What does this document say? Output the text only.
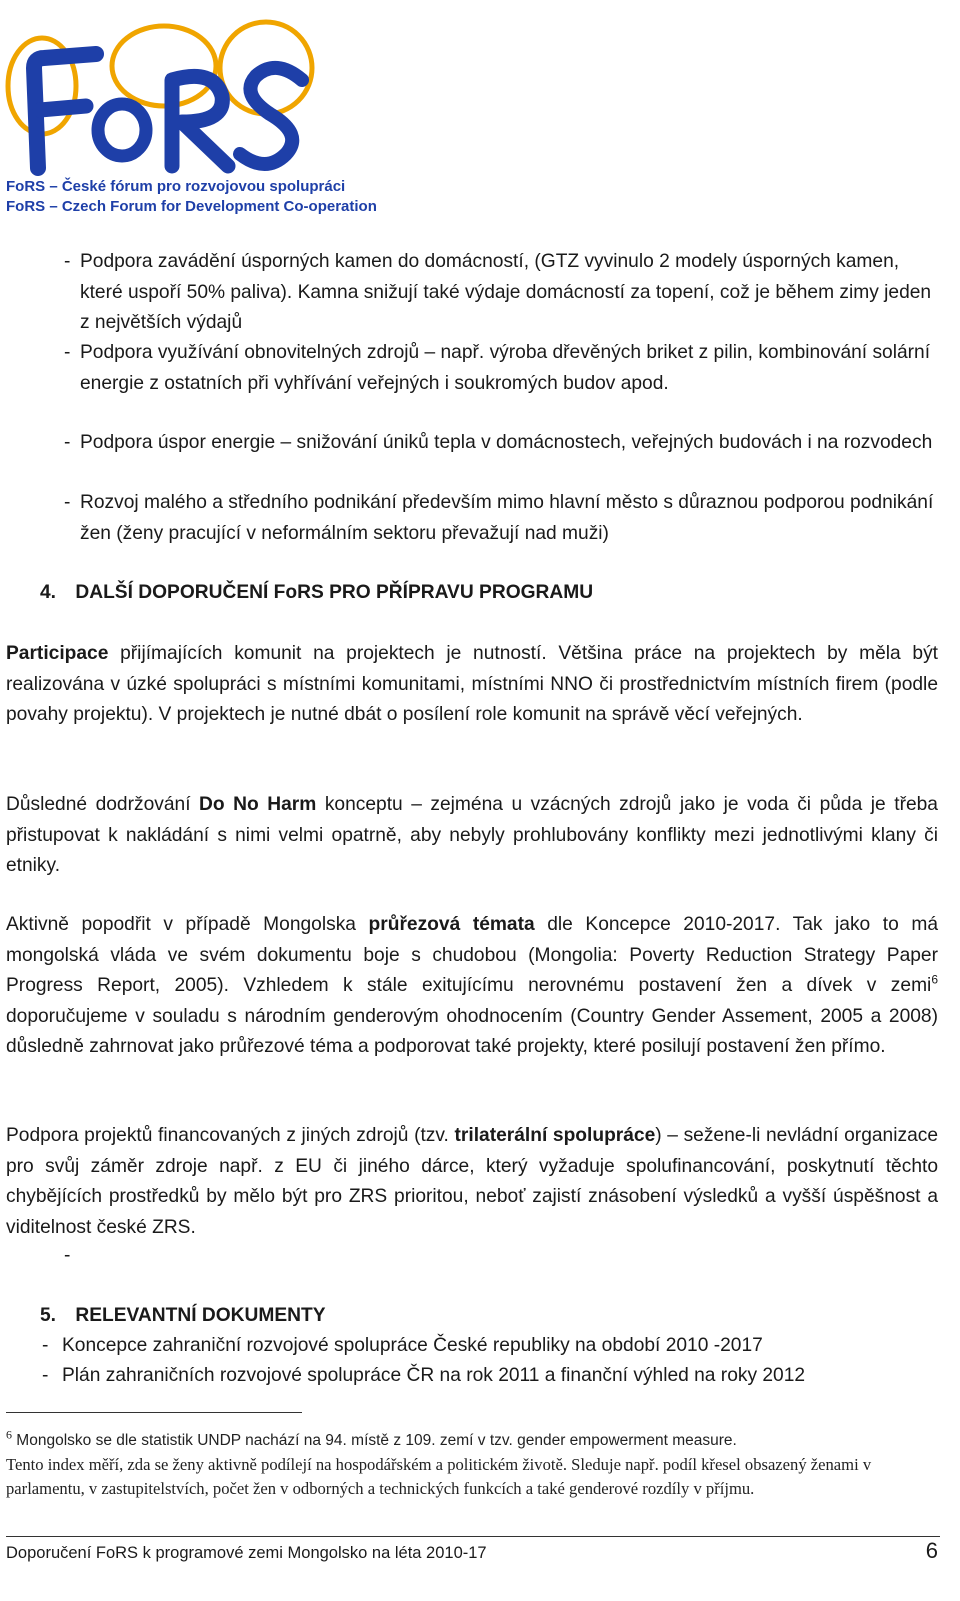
FoRS – České fórum pro rozvojovou spolupráci
FoRS – Czech Forum for Development Co-operation
- Podpora zavádění úsporných kamen do domácností, (GTZ vyvinulo 2 modely úsporných kamen, které uspoří 50% paliva). Kamna snižují také výdaje domácností za topení, což je během zimy jeden z největších výdajů
- Podpora využívání obnovitelných zdrojů – např. výroba dřevěných briket z pilin, kombinování solární energie z ostatních při vyhřívání veřejných i soukromých budov apod.
- Podpora úspor energie – snižování úniků tepla v domácnostech, veřejných budovách i na rozvodech
- Rozvoj malého a středního podnikání především mimo hlavní město s důraznou podporou podnikání žen (ženy pracující v neformálním sektoru převažují nad muži)
4. DALŠÍ DOPORUČENÍ FoRS PRO PŘÍPRAVU PROGRAMU
Participace přijímajících komunit na projektech je nutností. Většina práce na projektech by měla být realizována v úzké spolupráci s místními komunitami, místními NNO či prostřednictvím místních firem (podle povahy projektu). V projektech je nutné dbát o posílení role komunit na správě věcí veřejných.
Důsledné dodržování Do No Harm konceptu – zejména u vzácných zdrojů jako je voda či půda je třeba přistupovat k nakládání s nimi velmi opatrně, aby nebyly prohlubovány konflikty mezi jednotlivými klany či etniky.
Aktivně popodřit v případě Mongolska průřezová témata dle Koncepce 2010-2017. Tak jako to má mongolská vláda ve svém dokumentu boje s chudobou (Mongolia: Poverty Reduction Strategy Paper Progress Report, 2005). Vzhledem k stále exitujícímu nerovnému postavení žen a dívek v zemi$^6$ doporučujeme v souladu s národním genderovým ohodnocením (Country Gender Assement, 2005 a 2008) důsledně zahrnovat jako průřezové téma a podporovat také projekty, které posilují postavení žen přímo.
Podpora projektů financovaných z jiných zdrojů (tzv. trilaterální spolupráce) – sežene-li nevládní organizace pro svůj záměr zdroje např. z EU či jiného dárce, který vyžaduje spolufinancování, poskytnutí těchto chybějících prostředků by mělo být pro ZRS prioritou, neboť zajistí znásobení výsledků a vyšší úspěšnost a viditelnost české ZRS.
-
5. RELEVANTNÍ DOKUMENTY
- Koncepce zahraniční rozvojové spolupráce České republiky na období 2010 -2017
- Plán zahraničních rozvojové spolupráce ČR na rok 2011 a finanční výhled na roky 2012
$^6$ Mongolsko se dle statistik UNDP nachází na 94. místě z 109. zemí v tzv. gender empowerment measure.
Tento index měří, zda se ženy aktivně podílejí na hospodářském a politickém životě. Sleduje např. podíl křesel obsazený ženami v parlamentu, v zastupitelstvích, počet žen v odborných a technických funkcích a také genderové rozdíly v příjmu.
Doporučení FoRS k programové zemi Mongolsko na léta 2010-17	6
